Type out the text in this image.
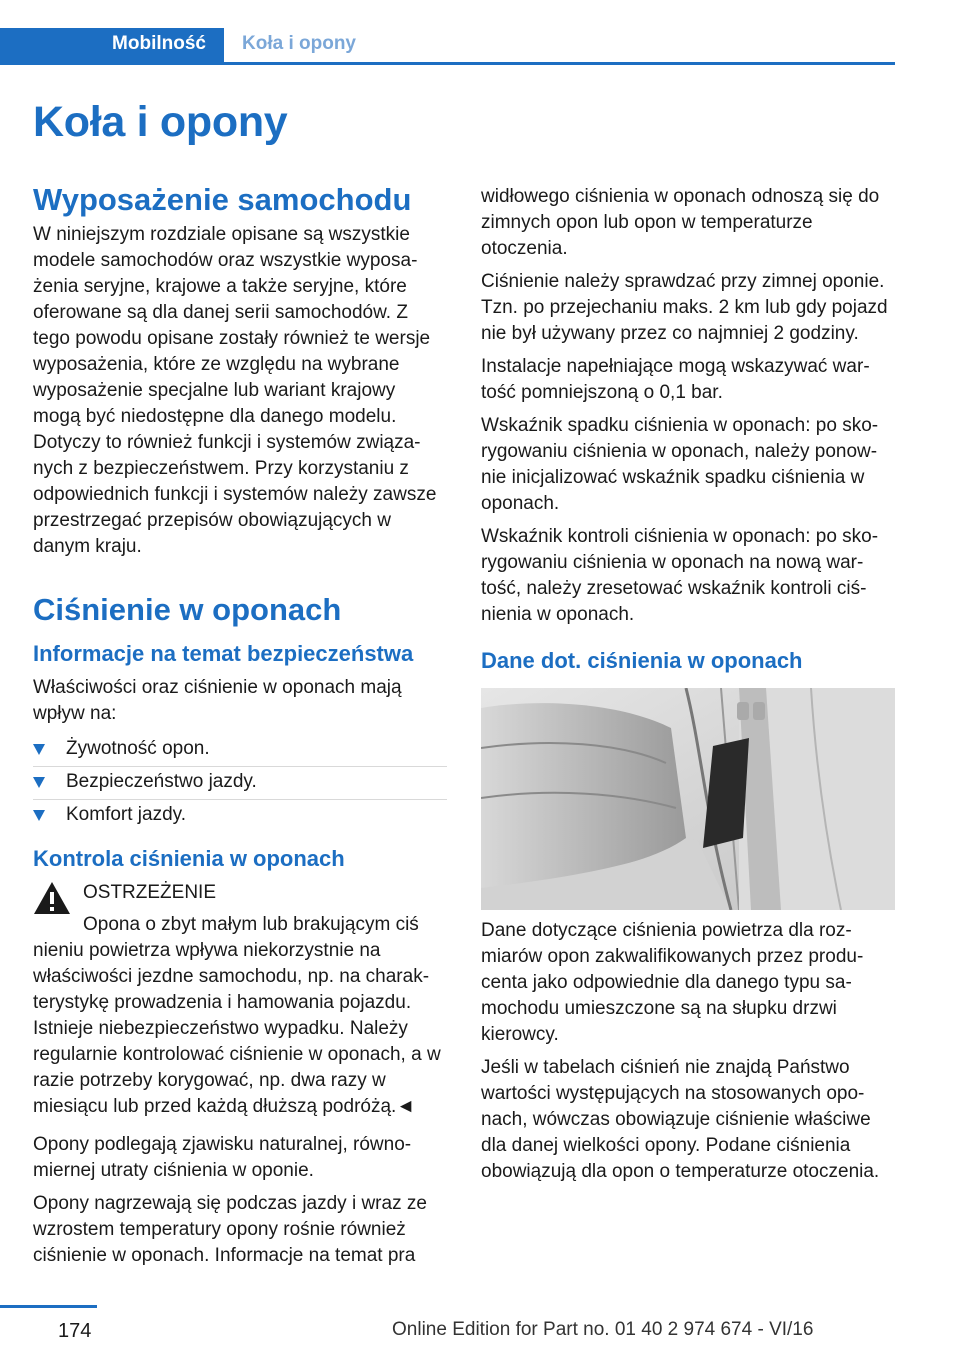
Mobilność Koła i opony
Koła i opony
Wyposażenie samochodu

W niniejszym rozdziale opisane są wszystkie modele samochodów oraz wszystkie wyposażenia seryjne, krajowe a także seryjne, które oferowane są dla danej serii samochodów. Z tego powodu opisane zostały również te wersje wyposażenia, które ze względu na wybrane wyposażenie specjalne lub wariant krajowy mogą być niedostępne dla danego modelu. Dotyczy to również funkcji i systemów związanych z bezpieczeństwem. Przy korzystaniu z odpowiednich funkcji i systemów należy zawsze przestrzegać przepisów obowiązujących w danym kraju.

Ciśnienie w oponach
Informacje na temat bezpieczeństwa

Właściwości oraz ciśnienie w oponach mają wpływ na:

Żywotność opon.
Bezpieczeństwo jazdy.
Komfort jazdy.
Kontrola ciśnienia w oponach
OSTRZEŻENIE
Opona o zbyt małym lub brakującym ciś
nieniu powietrza wpływa niekorzystnie na właściwości jezdne samochodu, np. na charakterystykę prowadzenia i hamowania pojazdu. Istnieje niebezpieczeństwo wypadku. Należy regularnie kontrolować ciśnienie w oponach, a w razie potrzeby korygować, np. dwa razy w miesiącu lub przed każdą dłuższą podróżą.◄

Opony podlegają zjawisku naturalnej, równomiernej utraty ciśnienia w oponie.

Opony nagrzewają się podczas jazdy i wraz ze wzrostem temperatury opony rośnie również ciśnienie w oponach. Informacje na temat pra

widłowego ciśnienia w oponach odnoszą się do zimnych opon lub opon w temperaturze otoczenia.

Ciśnienie należy sprawdzać przy zimnej oponie. Tzn. po przejechaniu maks. 2 km lub gdy pojazd nie był używany przez co najmniej 2 godziny.

Instalacje napełniające mogą wskazywać wartość pomniejszoną o 0,1 bar.

Wskaźnik spadku ciśnienia w oponach: po skorygowaniu ciśnienia w oponach, należy ponownie inicjalizować wskaźnik spadku ciśnienia w oponach.

Wskaźnik kontroli ciśnienia w oponach: po skorygowaniu ciśnienia w oponach na nową wartość, należy zresetować wskaźnik kontroli ciśnienia w oponach.

Dane dot. ciśnienia w oponach

Dane dotyczące ciśnienia powietrza dla rozmiarów opon zakwalifikowanych przez producenta jako odpowiednie dla danego typu samochodu umieszczone są na słupku drzwi kierowcy.

Jeśli w tabelach ciśnień nie znajdą Państwo wartości występujących na stosowanych oponach, wówczas obowiązuje ciśnienie właściwe dla danej wielkości opony. Podane ciśnienia obowiązują dla opon o temperaturze otoczenia.

174	Online Edition for Part no. 01 40 2 974 674 - VI/16
